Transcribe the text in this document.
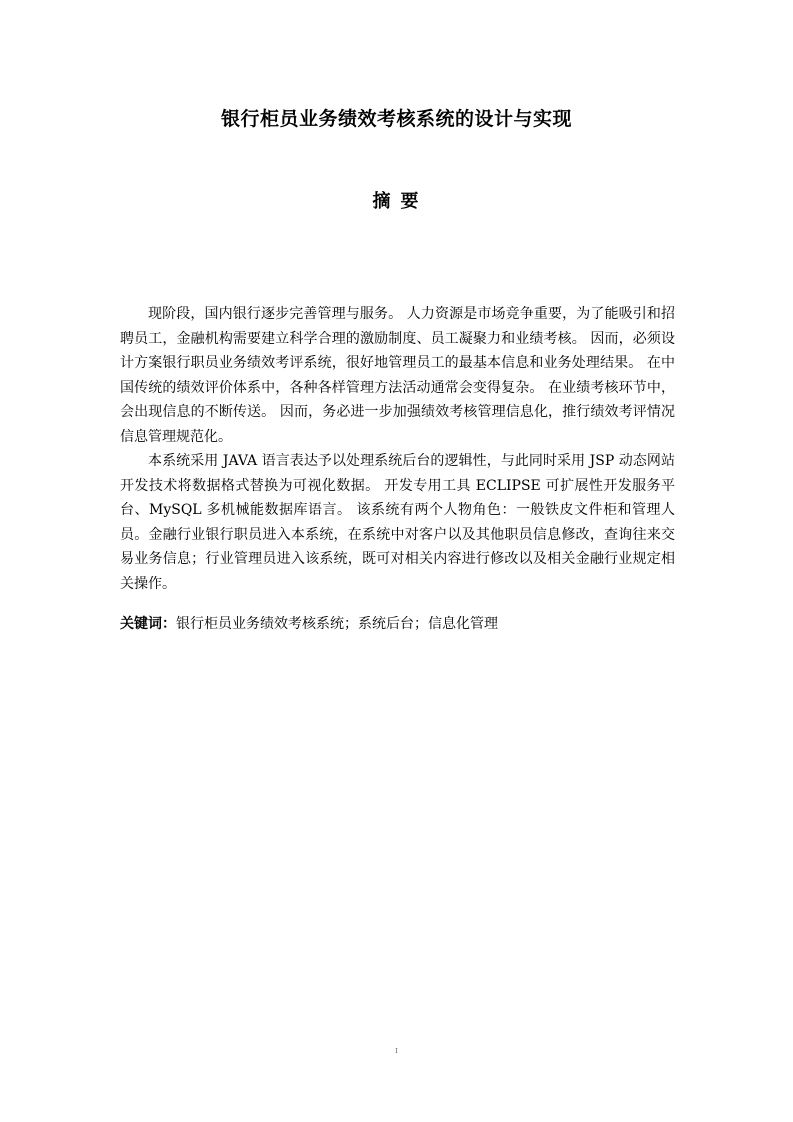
银行柜员业务绩效考核系统的设计与实现
摘要

现阶段，国内银行逐步完善管理与服务。 人力资源是市场竞争重要，为了能吸引和招聘员工，金融机构需要建立科学合理的激励制度、员工凝聚力和业绩考核。 因而，必须设计方案银行职员业务绩效考评系统，很好地管理员工的最基本信息和业务处理结果。 在中国传统的绩效评价体系中，各种各样管理方法活动通常会变得复杂。 在业绩考核环节中，会出现信息的不断传送。 因而，务必进一步加强绩效考核管理信息化，推行绩效考评情况信息管理规范化。

本系统采用 JAVA 语言表达予以处理系统后台的逻辑性，与此同时采用 JSP 动态网站开发技术将数据格式替换为可视化数据。 开发专用工具 ECLIPSE 可扩展性开发服务平台、MySQL 多机械能数据库语言。 该系统有两个人物角色：一般铁皮文件柜和管理人员。金融行业银行职员进入本系统，在系统中对客户以及其他职员信息修改，查询往来交易业务信息；行业管理员进入该系统，既可对相关内容进行修改以及相关金融行业规定相关操作。

关键词：银行柜员业务绩效考核系统；系统后台；信息化管理
I
